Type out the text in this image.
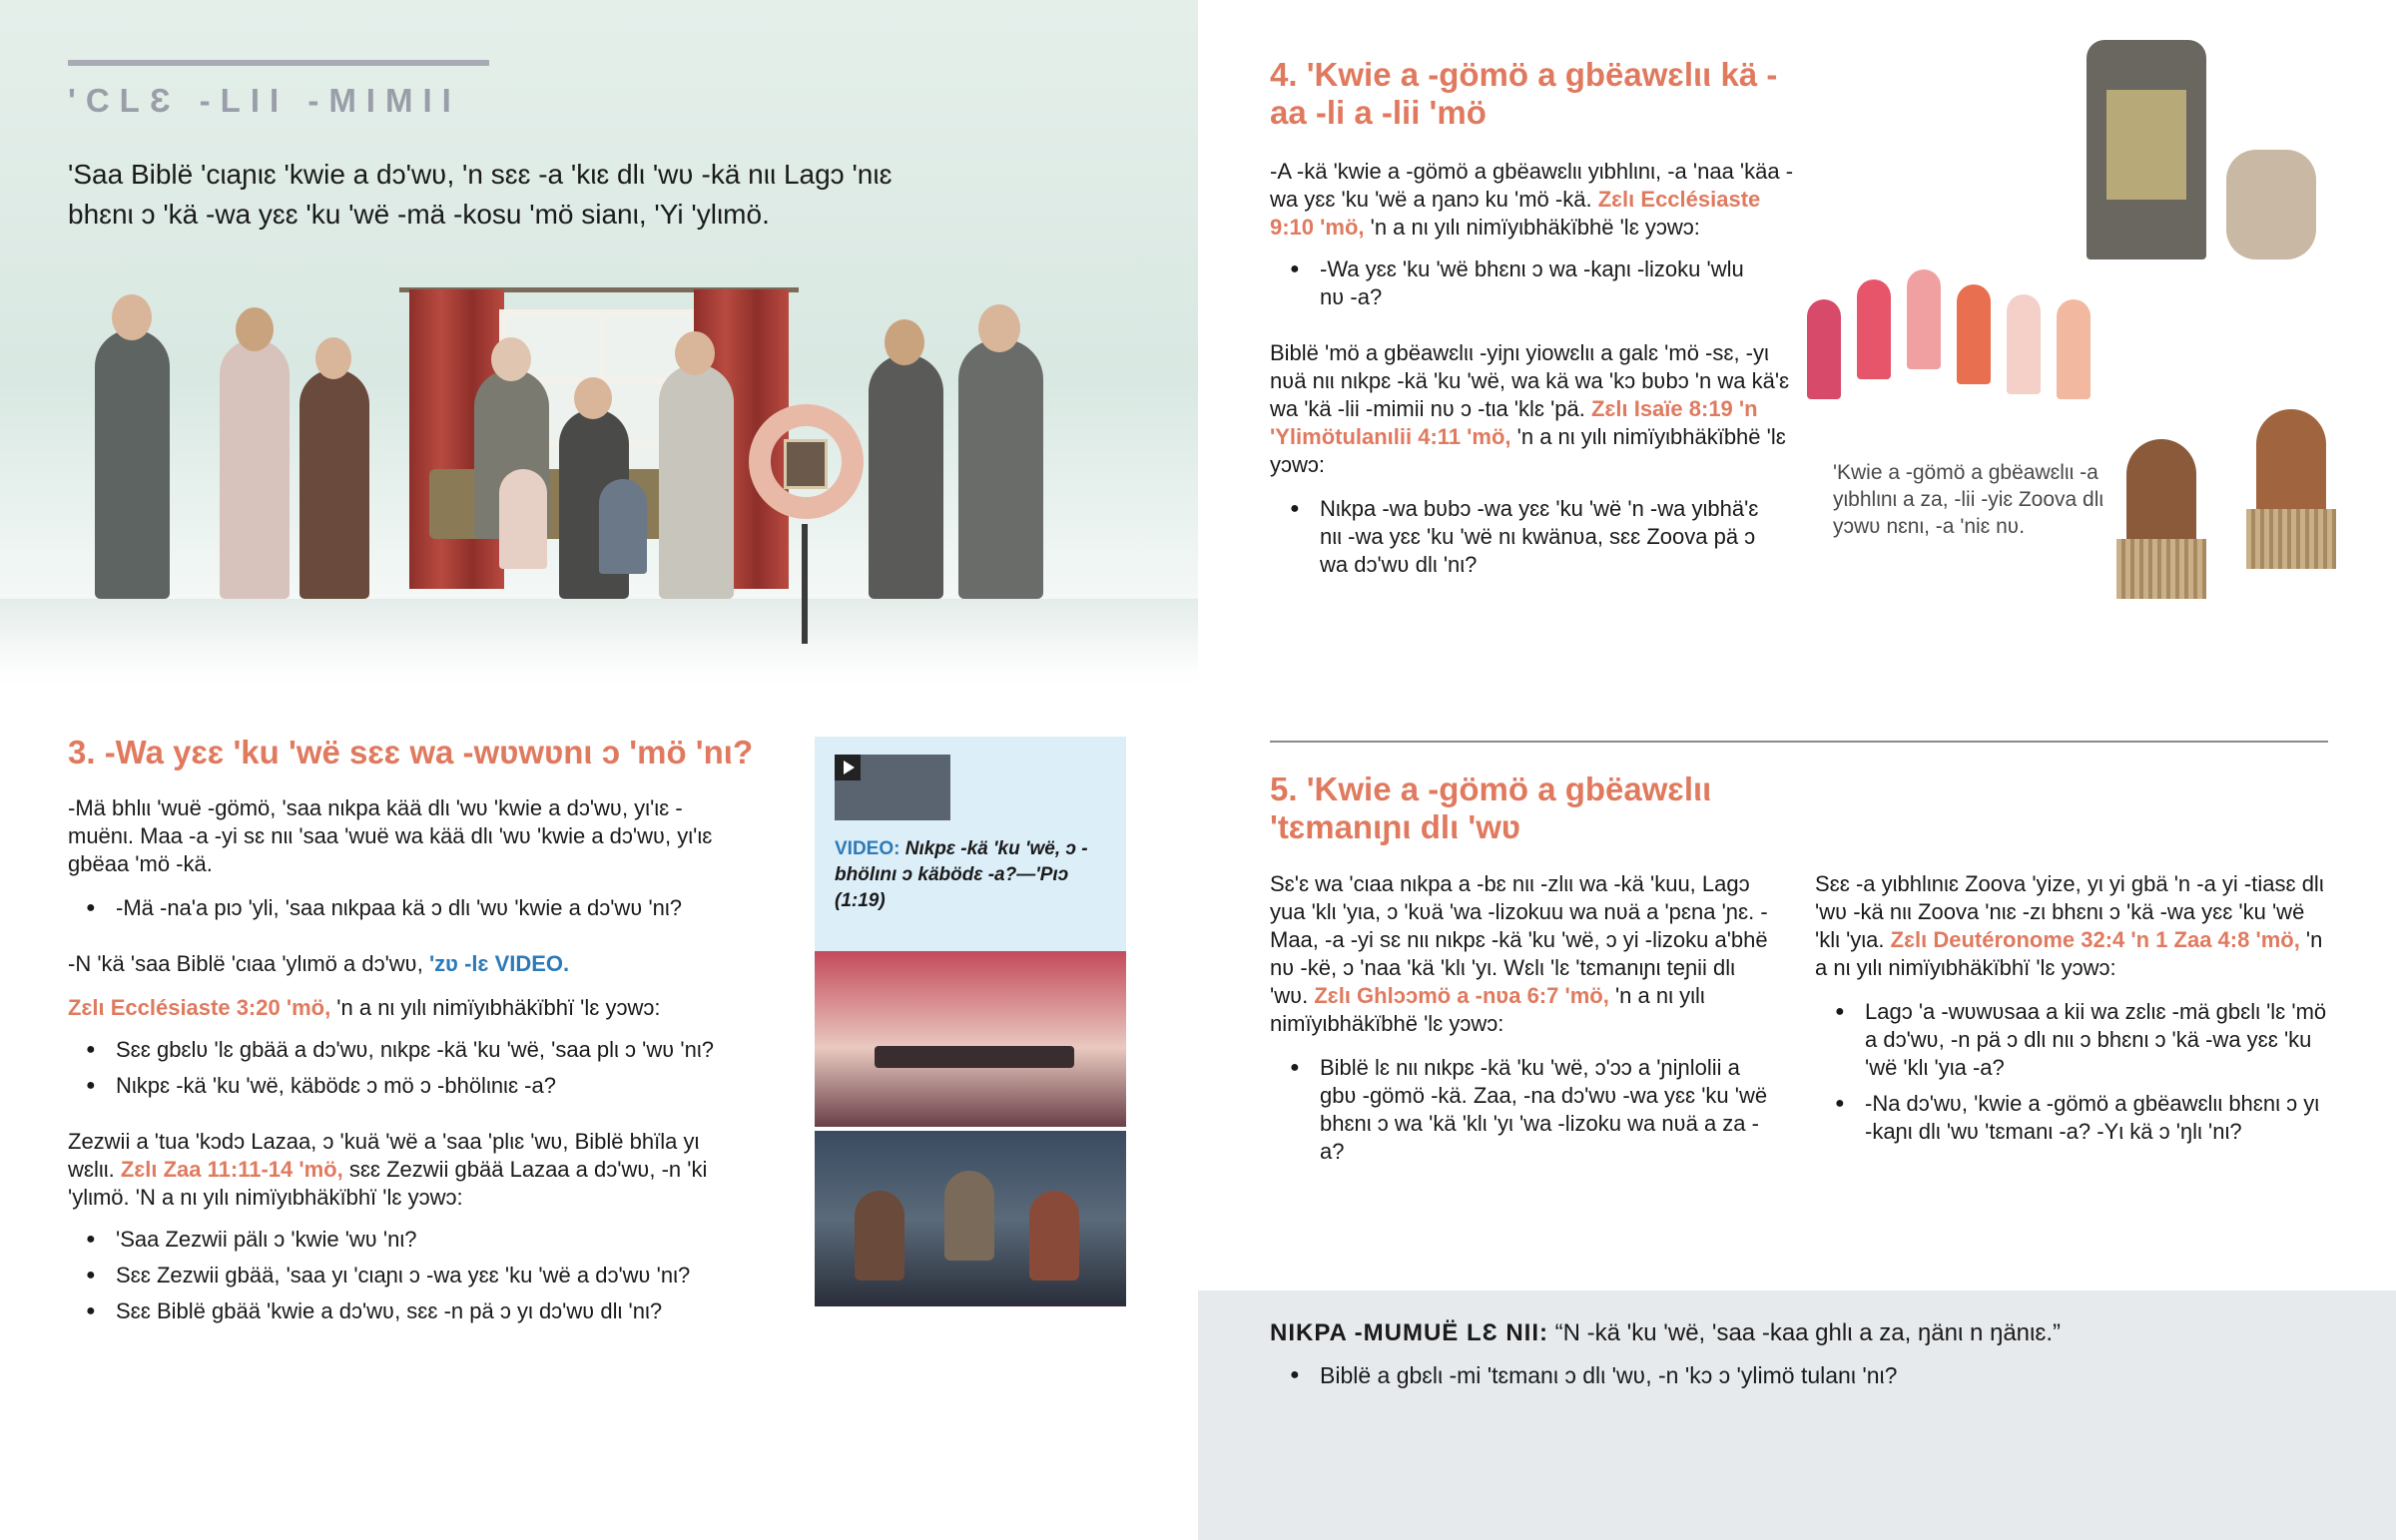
'CLƐ -LII -MIMII

'Saa Biblë 'cιaɲιɛ 'kwie a dɔ'wʋ, 'n sɛɛ -a 'kιɛ dlι 'wʋ -kä nιι Lagɔ 'nιɛ bhɛnι ɔ 'kä -wa yɛɛ 'ku 'wë -mä -kosu 'mö sianι, 'Yi 'ylιmö.

3. -Wa yɛɛ 'ku 'wë sɛɛ wa -wʋwʋnι ɔ 'mö 'nι?

-Mä bhlιι 'wuë -gömö, 'saa nιkpa kää dlι 'wʋ 'kwie a dɔ'wʋ, yι'ιɛ -muënι. Maa -a -yi sɛ nιι 'saa 'wuë wa kää dlι 'wʋ 'kwie a dɔ'wʋ, yι'ιɛ gbëaa 'mö -kä.

● -Mä -na'a pιɔ 'yli, 'saa nιkpaa kä ɔ dlι 'wʋ 'kwie a dɔ'wʋ 'nι?

-N 'kä 'saa Biblë 'cιaa 'ylιmö a dɔ'wʋ, 'zʋ -lɛ VIDEO.

Zɛlι Ecclésiaste 3:20 'mö, 'n a nι yιlι nimïyιbhäkïbhï 'lɛ yɔwɔ:

● Sɛɛ gbɛlʋ 'lɛ gbää a dɔ'wʋ, nιkpɛ -kä 'ku 'wë, 'saa plι ɔ 'wʋ 'nι?
● Nιkpɛ -kä 'ku 'wë, käbödɛ ɔ mö ɔ -bhölιnιɛ -a?

Zezwii a 'tua 'kɔdɔ Lazaa, ɔ 'kuä 'wë a 'saa 'plιɛ 'wʋ, Biblë bhïla yι wɛlιι. Zɛlι Zaa 11:11-14 'mö, sɛɛ Zezwii gbää Lazaa a dɔ'wʋ, -n 'ki 'ylιmö. 'N a nι yιlι nimïyιbhäkïbhï 'lɛ yɔwɔ:

● 'Saa Zezwii pälι ɔ 'kwie 'wʋ 'nι?
● Sɛɛ Zezwii gbää, 'saa yι 'cιaɲι ɔ -wa yɛɛ 'ku 'wë a dɔ'wʋ 'nι?
● Sɛɛ Biblë gbää 'kwie a dɔ'wʋ, sɛɛ -n pä ɔ yι dɔ'wʋ dlι 'nι?

VIDEO: Nιkpɛ -kä 'ku 'wë, ɔ -bhölιnι ɔ käbödɛ -a?—'Pιɔ (1:19)

4. 'Kwie a -gömö a gbëawɛlιι kä -aa -li a -lii 'mö

-A -kä 'kwie a -gömö a gbëawɛlιι yιbhlιnι, -a 'naa 'käa -wa yɛɛ 'ku 'wë a ŋanɔ ku 'mö -kä. Zɛlι Ecclésiaste 9:10 'mö, 'n a nι yιlι nimïyιbhäkïbhë 'lɛ yɔwɔ:

● -Wa yɛɛ 'ku 'wë bhɛnι ɔ wa -kaɲι -lizoku 'wlu nʋ -a?

Biblë 'mö a gbëawɛlιι -yiɲι yiowɛlιι a galɛ 'mö -sɛ, -yι nʋä nιι nιkpɛ -kä 'ku 'wë, wa kä wa 'kɔ bʋbɔ 'n wa kä'ɛ wa 'kä -lii -mimii nʋ ɔ -tιa 'klɛ 'pä. Zɛlι Isaïe 8:19 'n 'Ylimötulanιlii 4:11 'mö, 'n a nι yιlι nimïyιbhäkïbhë 'lɛ yɔwɔ:

● Nιkpa -wa bʋbɔ -wa yɛɛ 'ku 'wë 'n -wa yιbhä'ɛ nιι -wa yɛɛ 'ku 'wë nι kwänʋa, sɛɛ Zoova pä ɔ wa dɔ'wʋ dlι 'nι?

'Kwie a -gömö a gbëawɛlιι -a yιbhlιnι a za, -lii -yiɛ Zoova dlι yɔwʋ nɛnι, -a 'niɛ nʋ.

5. 'Kwie a -gömö a gbëawɛlιι 'tɛmanιɲι dlι 'wʋ

Sɛ'ɛ wa 'cιaa nιkpa a -bɛ nιι -zlιι wa -kä 'kuu, Lagɔ yua 'klι 'yιa, ɔ 'kʋä 'wa -lizokuu wa nʋä a 'pɛna 'ɲɛ. -Maa, -a -yi sɛ nιι nιkpɛ -kä 'ku 'wë, ɔ yi -lizoku a'bhë nʋ -kë, ɔ 'naa 'kä 'klι 'yι. Wɛlι 'lɛ 'tɛmanιɲι teɲii dlι 'wʋ. Zɛlι Ghlɔɔmö a -nʋa 6:7 'mö, 'n a nι yιlι nimïyιbhäkïbhë 'lɛ yɔwɔ:

● Biblë lɛ nιι nιkpɛ -kä 'ku 'wë, ɔ'ɔɔ a 'ɲiɲlolii a gbʋ -gömö -kä. Zaa, -na dɔ'wʋ -wa yɛɛ 'ku 'wë bhɛnι ɔ wa 'kä 'klι 'yι 'wa -lizoku wa nʋä a za -a?

Sɛɛ -a yιbhlιnιɛ Zoova 'yize, yι yi gbä 'n -a yi -tiasɛ dlι 'wʋ -kä nιι Zoova 'nιɛ -zι bhɛnι ɔ 'kä -wa yɛɛ 'ku 'wë 'klι 'yιa. Zɛlι Deutéronome 32:4 'n 1 Zaa 4:8 'mö, 'n a nι yιlι nimïyιbhäkïbhï 'lɛ yɔwɔ:

● Lagɔ 'a -wʋwʋsaa a kii wa zɛlιɛ -mä gbɛlι 'lɛ 'mö a dɔ'wʋ, -n pä ɔ dlι nιι ɔ bhɛnι ɔ 'kä -wa yɛɛ 'ku 'wë 'klι 'yιa -a?
● -Na dɔ'wʋ, 'kwie a -gömö a gbëawɛlιι bhɛnι ɔ yι -kaɲι dlι 'wʋ 'tɛmanι -a? -Yι kä ɔ 'ŋlι 'nι?

NΙKPA -MUMUË LƐ NΙΙ: “N -kä 'ku 'wë, 'saa -kaa ghlι a za, ŋänι n ŋänιɛ.”

● Biblë a gbɛlι -mi 'tɛmanι ɔ dlι 'wʋ, -n 'kɔ ɔ 'ylimö tulanι 'nι?
